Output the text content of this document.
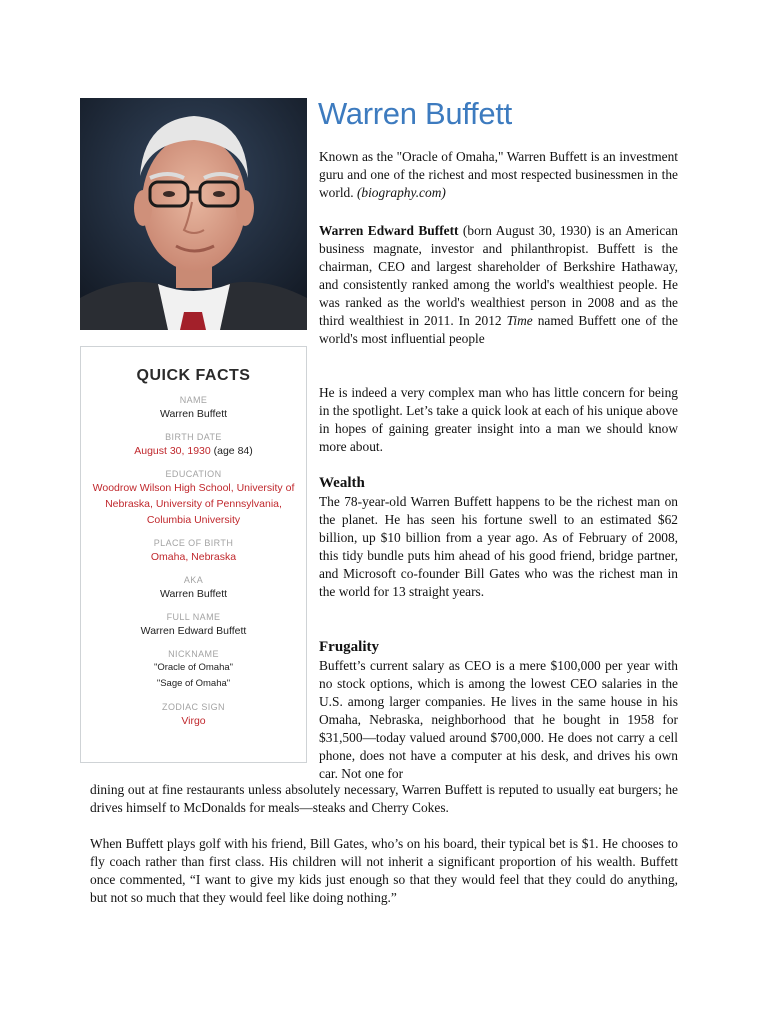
QUICK FACTS
NAME
Warren Buffett
BIRTH DATE
August 30, 1930 (age 84)
EDUCATION
Woodrow Wilson High School, University of Nebraska, University of Pennsylvania, Columbia University
PLACE OF BIRTH
Omaha, Nebraska
AKA
Warren Buffett
FULL NAME
Warren Edward Buffett
NICKNAME
"Oracle of Omaha"
"Sage of Omaha"
ZODIAC SIGN
Virgo
Warren Buffett

Known as the "Oracle of Omaha," Warren Buffett is an investment guru and one of the richest and most respected businessmen in the world. (biography.com)

Warren Edward Buffett (born August 30, 1930) is an American business magnate, investor and philanthropist. Buffett is the chairman, CEO and largest shareholder of Berkshire Hathaway, and consistently ranked among the world's wealthiest people. He was ranked as the world's wealthiest person in 2008 and as the third wealthiest in 2011. In 2012 Time named Buffett one of the world's most influential people

He is indeed a very complex man who has little concern for being in the spotlight. Let’s take a quick look at each of his unique above in hopes of gaining greater insight into a man we should know more about.

Wealth

The 78-year-old Warren Buffett happens to be the richest man on the planet. He has seen his fortune swell to an estimated $62 billion, up $10 billion from a year ago. As of February of 2008, this tidy bundle puts him ahead of his good friend, bridge partner, and Microsoft co-founder Bill Gates who was the richest man in the world for 13 straight years.

Frugality

Buffett’s current salary as CEO is a mere $100,000 per year with no stock options, which is among the lowest CEO salaries in the U.S. among larger companies. He lives in the same house in his Omaha, Nebraska, neighborhood that he bought in 1958 for $31,500—today valued around $700,000. He does not carry a cell phone, does not have a computer at his desk, and drives his own car. Not one for

dining out at fine restaurants unless absolutely necessary, Warren Buffett is reputed to usually eat burgers; he drives himself to McDonalds for meals—steaks and Cherry Cokes.

When Buffett plays golf with his friend, Bill Gates, who’s on his board, their typical bet is $1. He chooses to fly coach rather than first class. His children will not inherit a significant proportion of his wealth. Buffett once commented, “I want to give my kids just enough so that they would feel that they could do anything, but not so much that they would feel like doing nothing.”
